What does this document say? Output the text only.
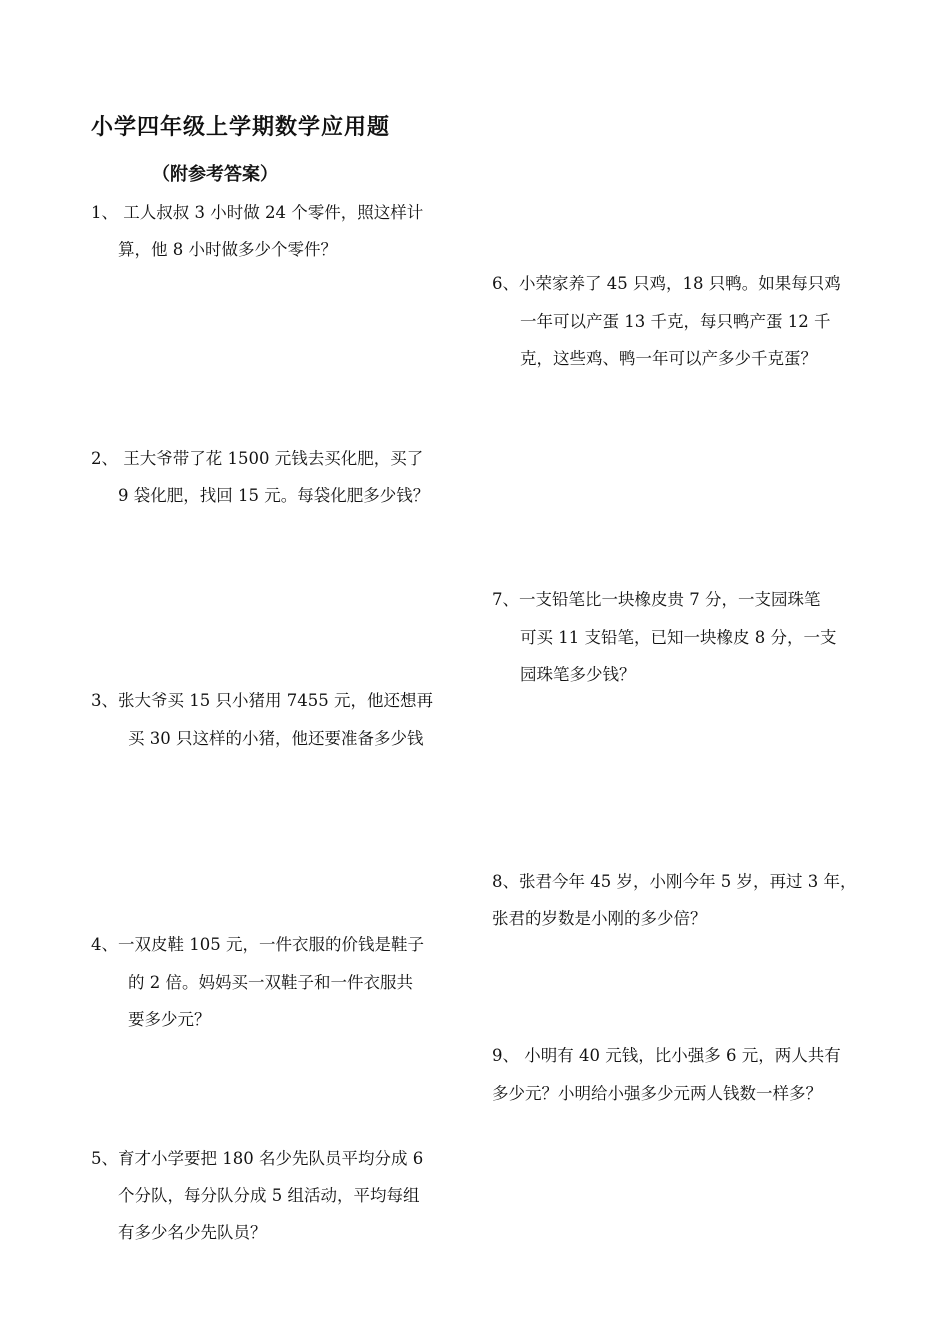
小学四年级上学期数学应用题
（附参考答案）
1、 工人叔叔 3 小时做 24 个零件，照这样计
算，他 8 小时做多少个零件？
2、 王大爷带了花 1500 元钱去买化肥，买了
9 袋化肥，找回 15 元。每袋化肥多少钱？
3、张大爷买 15 只小猪用 7455 元，他还想再
买 30 只这样的小猪，他还要准备多少钱
4、一双皮鞋 105 元，一件衣服的价钱是鞋子
的 2 倍。妈妈买一双鞋子和一件衣服共
要多少元？
5、育才小学要把 180 名少先队员平均分成 6
个分队，每分队分成 5 组活动，平均每组
有多少名少先队员？
6、小荣家养了 45 只鸡，18 只鸭。如果每只鸡
一年可以产蛋 13 千克，每只鸭产蛋 12 千
克，这些鸡、鸭一年可以产多少千克蛋？
7、一支铅笔比一块橡皮贵 7 分，一支园珠笔
可买 11 支铅笔，已知一块橡皮 8 分，一支
园珠笔多少钱？
8、张君今年 45 岁，小刚今年 5 岁，再过 3 年，
张君的岁数是小刚的多少倍？
9、 小明有 40 元钱，比小强多 6 元，两人共有
多少元？小明给小强多少元两人钱数一样多？
